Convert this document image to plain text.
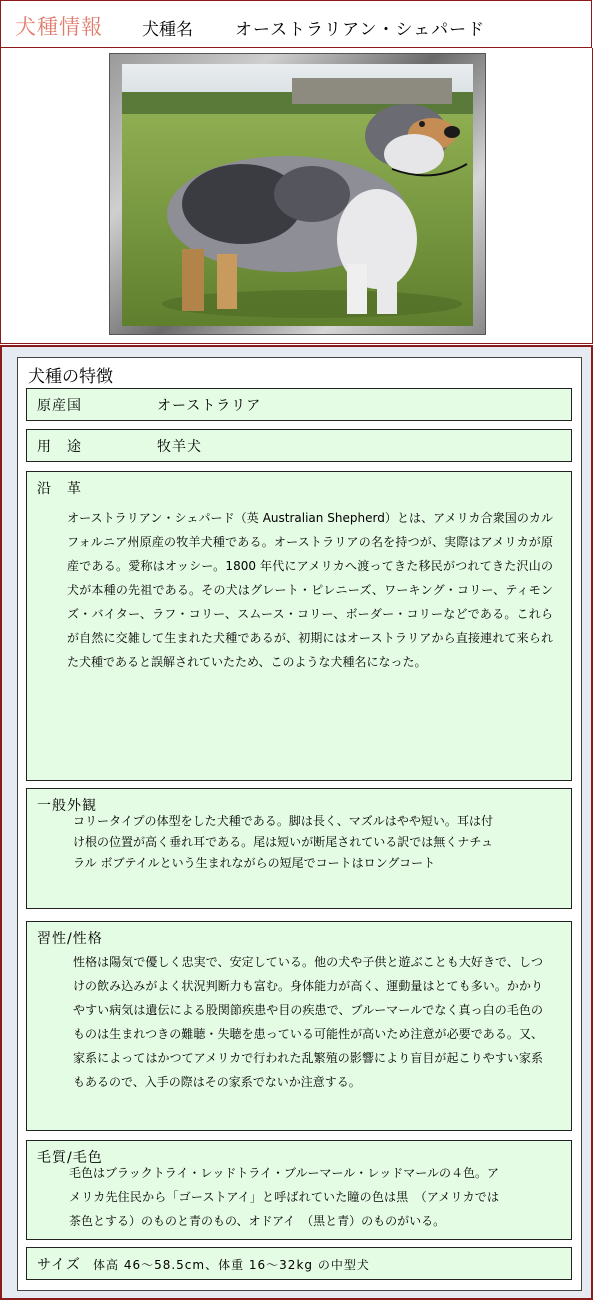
犬種情報 犬種名 オーストラリアン・シェパード
犬種の特徴
原産国	オーストラリア
用　途	牧羊犬
沿　革
オーストラリアン・シェパード（英 Australian Shepherd）とは、アメリカ合衆国のカルフォルニア州原産の牧羊犬種である。オーストラリアの名を持つが、実際はアメリカが原産である。愛称はオッシー。1800 年代にアメリカへ渡ってきた移民がつれてきた沢山の犬が本種の先祖である。その犬はグレート・ピレニーズ、ワーキング・コリー、ティモンズ・バイター、ラフ・コリー、スムース・コリー、ボーダー・コリーなどである。これらが自然に交雑して生まれた犬種であるが、初期にはオーストラリアから直接連れて来られた犬種であると誤解されていたため、このような犬種名になった。
一般外観
コリータイプの体型をした犬種である。脚は長く、マズルはやや短い。耳は付け根の位置が高く垂れ耳である。尾は短いが断尾されている訳では無くナチュラル ボブテイルという生まれながらの短尾でコートはロングコート
習性/性格
性格は陽気で優しく忠実で、安定している。他の犬や子供と遊ぶことも大好きで、しつけの飲み込みがよく状況判断力も富む。身体能力が高く、運動量はとても多い。かかりやすい病気は遺伝による股関節疾患や目の疾患で、ブルーマールでなく真っ白の毛色のものは生まれつきの難聴・失聴を患っている可能性が高いため注意が必要である。又、家系によってはかつてアメリカで行われた乱繁殖の影響により盲目が起こりやすい家系もあるので、入手の際はその家系でないか注意する。
毛質/毛色
毛色はブラックトライ・レッドトライ・ブルーマール・レッドマールの４色。アメリカ先住民から「ゴーストアイ」と呼ばれていた瞳の色は黒　（アメリカでは茶色とする）のものと青のもの、オドアイ　（黒と青）のものがいる。
サイズ 体高 46～58.5cm、体重 16～32kg の中型犬
